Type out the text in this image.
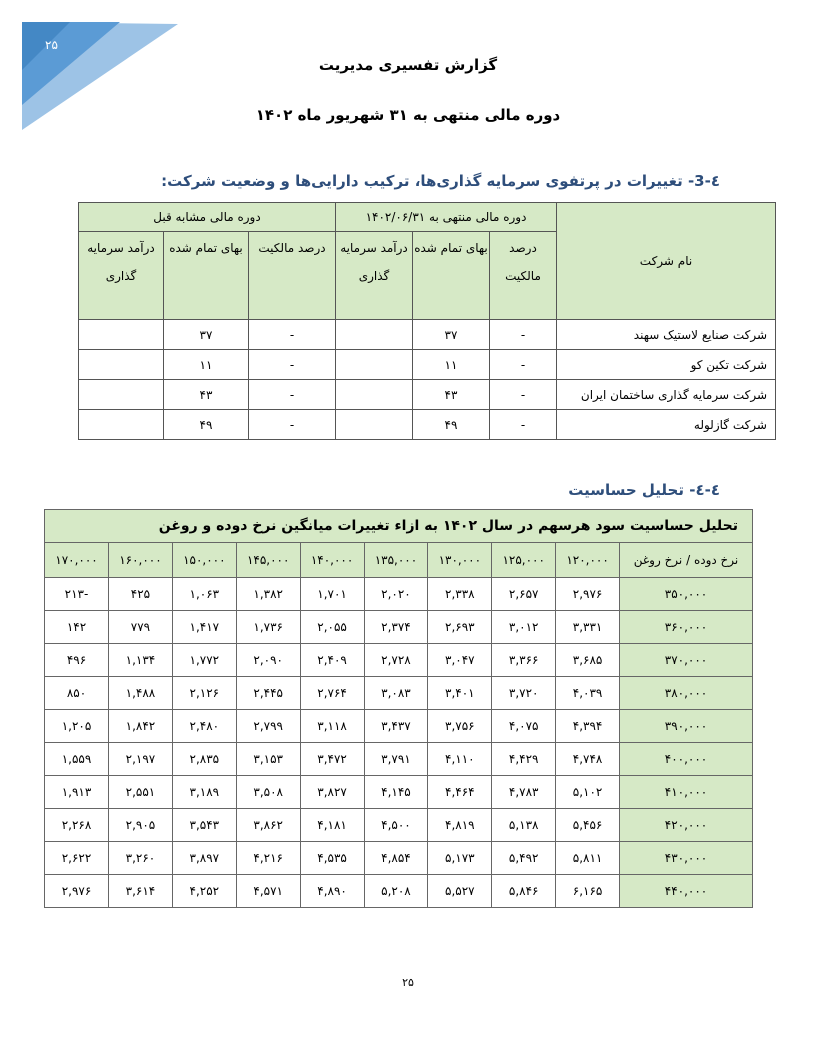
۲۵
گزارش تفسیری مدیریت
دوره مالی منتهی به ۳۱ شهریور ماه ۱۴۰۲
٤-3- تغییرات در پرتفوی سرمایه گذاری‌ها، ترکیب دارایی‌ها و وضعیت شرکت:
نام شرکت	دوره مالی منتهی به ۱۴۰۲/۰۶/۳۱			دوره مالی مشابه قبل		
	درصد مالکیت	بهای تمام شده	درآمد سرمایه گذاری	درصد مالکیت	بهای تمام شده	درآمد سرمایه گذاری
شرکت صنایع لاستیک سهند	-	۳۷		-	۳۷	
شرکت تکین کو	-	۱۱		-	۱۱	
شرکت سرمایه گذاری ساختمان ایران	-	۴۳		-	۴۳	
شرکت گازلوله	-	۴۹		-	۴۹	
٤-٤- تحلیل حساسیت
تحلیل حساسیت سود هرسهم در سال ۱۴۰۲ به ازاء تغییرات میانگین نرخ دوده و روغن									
نرخ دوده / نرخ روغن	۱۲۰,۰۰۰	۱۲۵,۰۰۰	۱۳۰,۰۰۰	۱۳۵,۰۰۰	۱۴۰,۰۰۰	۱۴۵,۰۰۰	۱۵۰,۰۰۰	۱۶۰,۰۰۰	۱۷۰,۰۰۰
۳۵۰,۰۰۰	۲,۹۷۶	۲,۶۵۷	۲,۳۳۸	۲,۰۲۰	۱,۷۰۱	۱,۳۸۲	۱,۰۶۳	۴۲۵	-۲۱۳
۳۶۰,۰۰۰	۳,۳۳۱	۳,۰۱۲	۲,۶۹۳	۲,۳۷۴	۲,۰۵۵	۱,۷۳۶	۱,۴۱۷	۷۷۹	۱۴۲
۳۷۰,۰۰۰	۳,۶۸۵	۳,۳۶۶	۳,۰۴۷	۲,۷۲۸	۲,۴۰۹	۲,۰۹۰	۱,۷۷۲	۱,۱۳۴	۴۹۶
۳۸۰,۰۰۰	۴,۰۳۹	۳,۷۲۰	۳,۴۰۱	۳,۰۸۳	۲,۷۶۴	۲,۴۴۵	۲,۱۲۶	۱,۴۸۸	۸۵۰
۳۹۰,۰۰۰	۴,۳۹۴	۴,۰۷۵	۳,۷۵۶	۳,۴۳۷	۳,۱۱۸	۲,۷۹۹	۲,۴۸۰	۱,۸۴۲	۱,۲۰۵
۴۰۰,۰۰۰	۴,۷۴۸	۴,۴۲۹	۴,۱۱۰	۳,۷۹۱	۳,۴۷۲	۳,۱۵۳	۲,۸۳۵	۲,۱۹۷	۱,۵۵۹
۴۱۰,۰۰۰	۵,۱۰۲	۴,۷۸۳	۴,۴۶۴	۴,۱۴۵	۳,۸۲۷	۳,۵۰۸	۳,۱۸۹	۲,۵۵۱	۱,۹۱۳
۴۲۰,۰۰۰	۵,۴۵۶	۵,۱۳۸	۴,۸۱۹	۴,۵۰۰	۴,۱۸۱	۳,۸۶۲	۳,۵۴۳	۲,۹۰۵	۲,۲۶۸
۴۳۰,۰۰۰	۵,۸۱۱	۵,۴۹۲	۵,۱۷۳	۴,۸۵۴	۴,۵۳۵	۴,۲۱۶	۳,۸۹۷	۳,۲۶۰	۲,۶۲۲
۴۴۰,۰۰۰	۶,۱۶۵	۵,۸۴۶	۵,۵۲۷	۵,۲۰۸	۴,۸۹۰	۴,۵۷۱	۴,۲۵۲	۳,۶۱۴	۲,۹۷۶
۲۵
